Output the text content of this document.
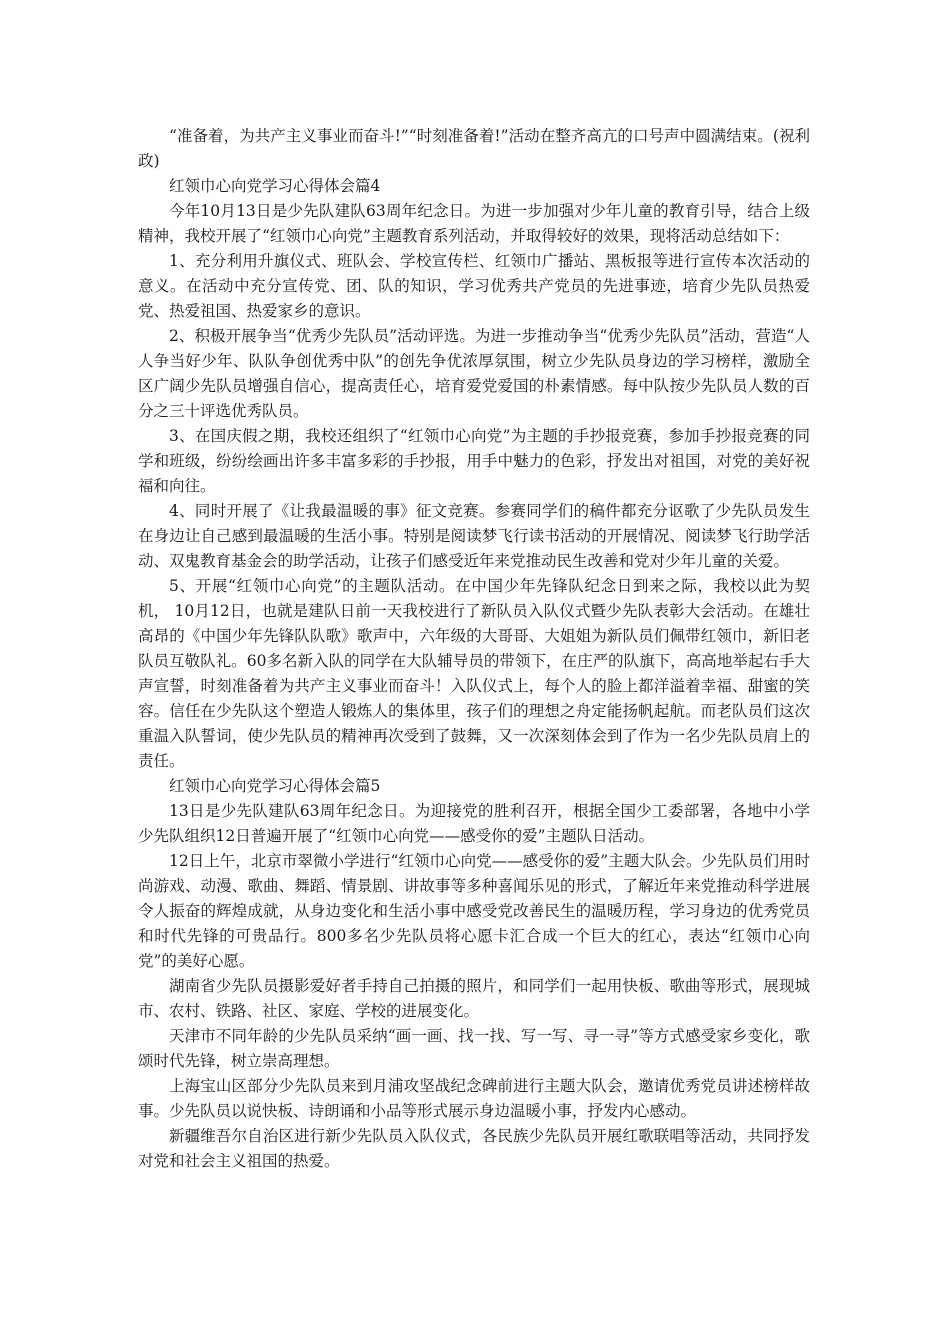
“准备着，为共产主义事业而奋斗!”“时刻准备着!”活动在整齐高亢的口号声中圆满结束。(祝利政)

红领巾心向党学习心得体会篇4

今年10月13日是少先队建队63周年纪念日。为进一步加强对少年儿童的教育引导，结合上级精神，我校开展了“红领巾心向党”主题教育系列活动，并取得较好的效果，现将活动总结如下：

1、充分利用升旗仪式、班队会、学校宣传栏、红领巾广播站、黑板报等进行宣传本次活动的意义。在活动中充分宣传党、团、队的知识，学习优秀共产党员的先进事迹，培育少先队员热爱党、热爱祖国、热爱家乡的意识。

2、积极开展争当“优秀少先队员”活动评选。为进一步推动争当“优秀少先队员”活动，营造“人人争当好少年、队队争创优秀中队”的创先争优浓厚氛围，树立少先队员身边的学习榜样，激励全区广阔少先队员增强自信心，提高责任心，培育爱党爱国的朴素情感。每中队按少先队员人数的百分之三十评选优秀队员。

3、在国庆假之期，我校还组织了“红领巾心向党”为主题的手抄报竞赛，参加手抄报竞赛的同学和班级，纷纷绘画出许多丰富多彩的手抄报，用手中魅力的色彩，抒发出对祖国，对党的美好祝福和向往。

4、同时开展了《让我最温暖的事》征文竞赛。参赛同学们的稿件都充分讴歌了少先队员发生在身边让自己感到最温暖的生活小事。特别是阅读梦飞行读书活动的开展情况、阅读梦飞行助学活动、双鬼教育基金会的助学活动，让孩子们感受近年来党推动民生改善和党对少年儿童的关爱。

5、开展“红领巾心向党”的主题队活动。在中国少年先锋队纪念日到来之际，我校以此为契机， 10月12日，也就是建队日前一天我校进行了新队员入队仪式暨少先队表彰大会活动。在雄壮高昂的《中国少年先锋队队歌》歌声中，六年级的大哥哥、大姐姐为新队员们佩带红领巾，新旧老队员互敬队礼。60多名新入队的同学在大队辅导员的带领下，在庄严的队旗下，高高地举起右手大声宣誓，时刻准备着为共产主义事业而奋斗！入队仪式上，每个人的脸上都洋溢着幸福、甜蜜的笑容。信任在少先队这个塑造人锻炼人的集体里，孩子们的理想之舟定能扬帆起航。而老队员们这次重温入队誓词，使少先队员的精神再次受到了鼓舞，又一次深刻体会到了作为一名少先队员肩上的责任。

红领巾心向党学习心得体会篇5

13日是少先队建队63周年纪念日。为迎接党的胜利召开，根据全国少工委部署，各地中小学少先队组织12日普遍开展了“红领巾心向党——感受你的爱”主题队日活动。

12日上午，北京市翠微小学进行“红领巾心向党——感受你的爱”主题大队会。少先队员们用时尚游戏、动漫、歌曲、舞蹈、情景剧、讲故事等多种喜闻乐见的形式，了解近年来党推动科学进展令人振奋的辉煌成就，从身边变化和生活小事中感受党改善民生的温暖历程，学习身边的优秀党员和时代先锋的可贵品行。800多名少先队员将心愿卡汇合成一个巨大的红心，表达“红领巾心向党”的美好心愿。

湖南省少先队员摄影爱好者手持自己拍摄的照片，和同学们一起用快板、歌曲等形式，展现城市、农村、铁路、社区、家庭、学校的进展变化。

天津市不同年龄的少先队员采纳“画一画、找一找、写一写、寻一寻”等方式感受家乡变化，歌颂时代先锋，树立崇高理想。

上海宝山区部分少先队员来到月浦攻坚战纪念碑前进行主题大队会，邀请优秀党员讲述榜样故事。少先队员以说快板、诗朗诵和小品等形式展示身边温暖小事，抒发内心感动。

新疆维吾尔自治区进行新少先队员入队仪式，各民族少先队员开展红歌联唱等活动，共同抒发对党和社会主义祖国的热爱。
